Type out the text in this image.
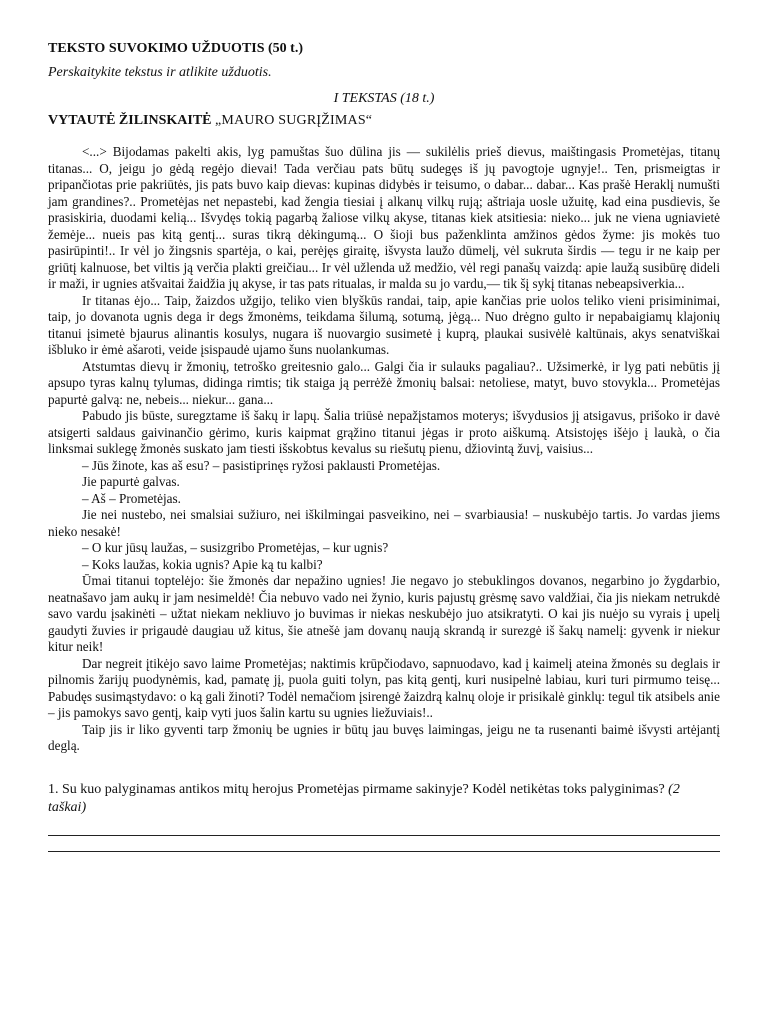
TEKSTO SUVOKIMO UŽDUOTIS (50 t.)

Perskaitykite tekstus ir atlikite užduotis.

I TEKSTAS (18 t.)

VYTAUTĖ ŽILINSKAITĖ „MAURO SUGRĮŽIMAS“

<...> Bijodamas pakelti akis, lyg pamuštas šuo dūlina jis — sukilėlis prieš dievus, maištingasis Prometėjas, titanų titanas... O, jeigu jo gėdą regėjo dievai! Tada verčiau pats būtų sudegęs iš jų pavogtoje ugnyje!.. Ten, prismeigtas ir pripančiotas prie pakriūtės, jis pats buvo kaip dievas: kupinas didybės ir teisumo, o dabar... dabar... Kas prašė Heraklį numušti jam grandines?.. Prometėjas net nepastebi, kad žengia tiesiai į alkanų vilkų rują; aštriaja uosle užuitę, kad eina pusdievis, še prasiskiria, duodami kelią... Išvydęs tokią pagarbą žaliose vilkų akyse, titanas kiek atsitiesia: nieko... juk ne viena ugniavietė žemėje... nueis pas kitą gentį... suras tikrą dėkingumą... O šioji bus paženklinta amžinos gėdos žyme: jis mokės tuo pasirūpinti!.. Ir vėl jo žingsnis spartėja, o kai, perėjęs giraitę, išvysta laužo dūmelį, vėl sukruta širdis — tegu ir ne kaip per griūtį kalnuose, bet viltis ją verčia plakti greičiau... Ir vėl užlenda už medžio, vėl regi panašų vaizdą: apie laužą susibūrę dideli ir maži, ir ugnies atšvaitai žaidžia jų akyse, ir tas pats ritualas, ir malda su jo vardu,— tik šį sykį titanas nebeapsiverkia...

Ir titanas ėjo... Taip, žaizdos užgijo, teliko vien blyškūs randai, taip, apie kančias prie uolos teliko vieni prisiminimai, taip, jo dovanota ugnis dega ir degs žmonėms, teikdama šilumą, sotumą, jėgą... Nuo drėgno gulto ir nepabaigiamų klajonių titanui įsimetė bjaurus alinantis kosulys, nugara iš nuovargio susimetė į kuprą, plaukai susivėlė kaltūnais, akys senatviškai išbluko ir ėmė ašaroti, veide įsispaudė ujamo šuns nuolankumas.

Atstumtas dievų ir žmonių, tetroško greitesnio galo... Galgi čia ir sulauks pagaliau?.. Užsimerkė, ir lyg pati nebūtis jį apsupo tyras kalnų tylumas, didinga rimtis; tik staiga ją perrėžė žmonių balsai: netoliese, matyt, buvo stovykla... Prometėjas papurtė galvą: ne, nebeis... niekur... gana...

Pabudo jis būste, suregztame iš šakų ir lapų. Šalia triūsė nepažįstamos moterys; išvydusios jį atsigavus, prišoko ir davė atsigerti saldaus gaivinančio gėrimo, kuris kaipmat grąžino titanui jėgas ir proto aiškumą. Atsistojęs išėjo į laukà, o čia linksmai suklegę žmonės suskato jam tiesti išskobtus kevalus su riešutų pienu, džiovintą žuvį, vaisius...

– Jūs žinote, kas aš esu? – pasistiprinęs ryžosi paklausti Prometėjas.

Jie papurtė galvas.

– Aš – Prometėjas.

Jie nei nustebo, nei smalsiai sužiuro, nei iškilmingai pasveikino, nei – svarbiausia! – nuskubėjo tartis. Jo vardas jiems nieko nesakė!

– O kur jūsų laužas, – susizgribo Prometėjas, – kur ugnis?

– Koks laužas, kokia ugnis? Apie ką tu kalbi?

Ūmai titanui toptelėjo: šie žmonės dar nepažino ugnies! Jie negavo jo stebuklingos dovanos, negarbino jo žygdarbio, neatnašavo jam aukų ir jam nesimeldė! Čia nebuvo vado nei žynio, kuris pajustų grėsmę savo valdžiai, čia jis niekam netrukdė savo vardu įsakinėti – užtat niekam nekliuvo jo buvimas ir niekas neskubėjo juo atsikratyti. O kai jis nuėjo su vyrais į upelį gaudyti žuvies ir prigaudė daugiau už kitus, šie atnešė jam dovanų naują skrandą ir surezgė iš šakų namelį: gyvenk ir niekur kitur neik!

Dar negreit įtikėjo savo laime Prometėjas; naktimis krūpčiodavo, sapnuodavo, kad į kaimelį ateina žmonės su deglais ir pilnomis žarijų puodynėmis, kad, pamatę jį, puola guiti tolyn, pas kitą gentį, kuri nusipelnė labiau, kuri turi pirmumo teisę... Pabudęs susimąstydavo: o ką gali žinoti? Todėl nemačiom įsirengė žaizdrą kalnų oloje ir prisikalė ginklų: tegul tik atsibels anie – jis pamokys savo gentį, kaip vyti juos šalin kartu su ugnies liežuviais!..

Taip jis ir liko gyventi tarp žmonių be ugnies ir būtų jau buvęs laimingas, jeigu ne ta rusenanti baimė išvysti artėjantį deglą.

1. Su kuo palyginamas antikos mitų herojus Prometėjas pirmame sakinyje? Kodėl netikėtas toks palyginimas? (2 taškai)
